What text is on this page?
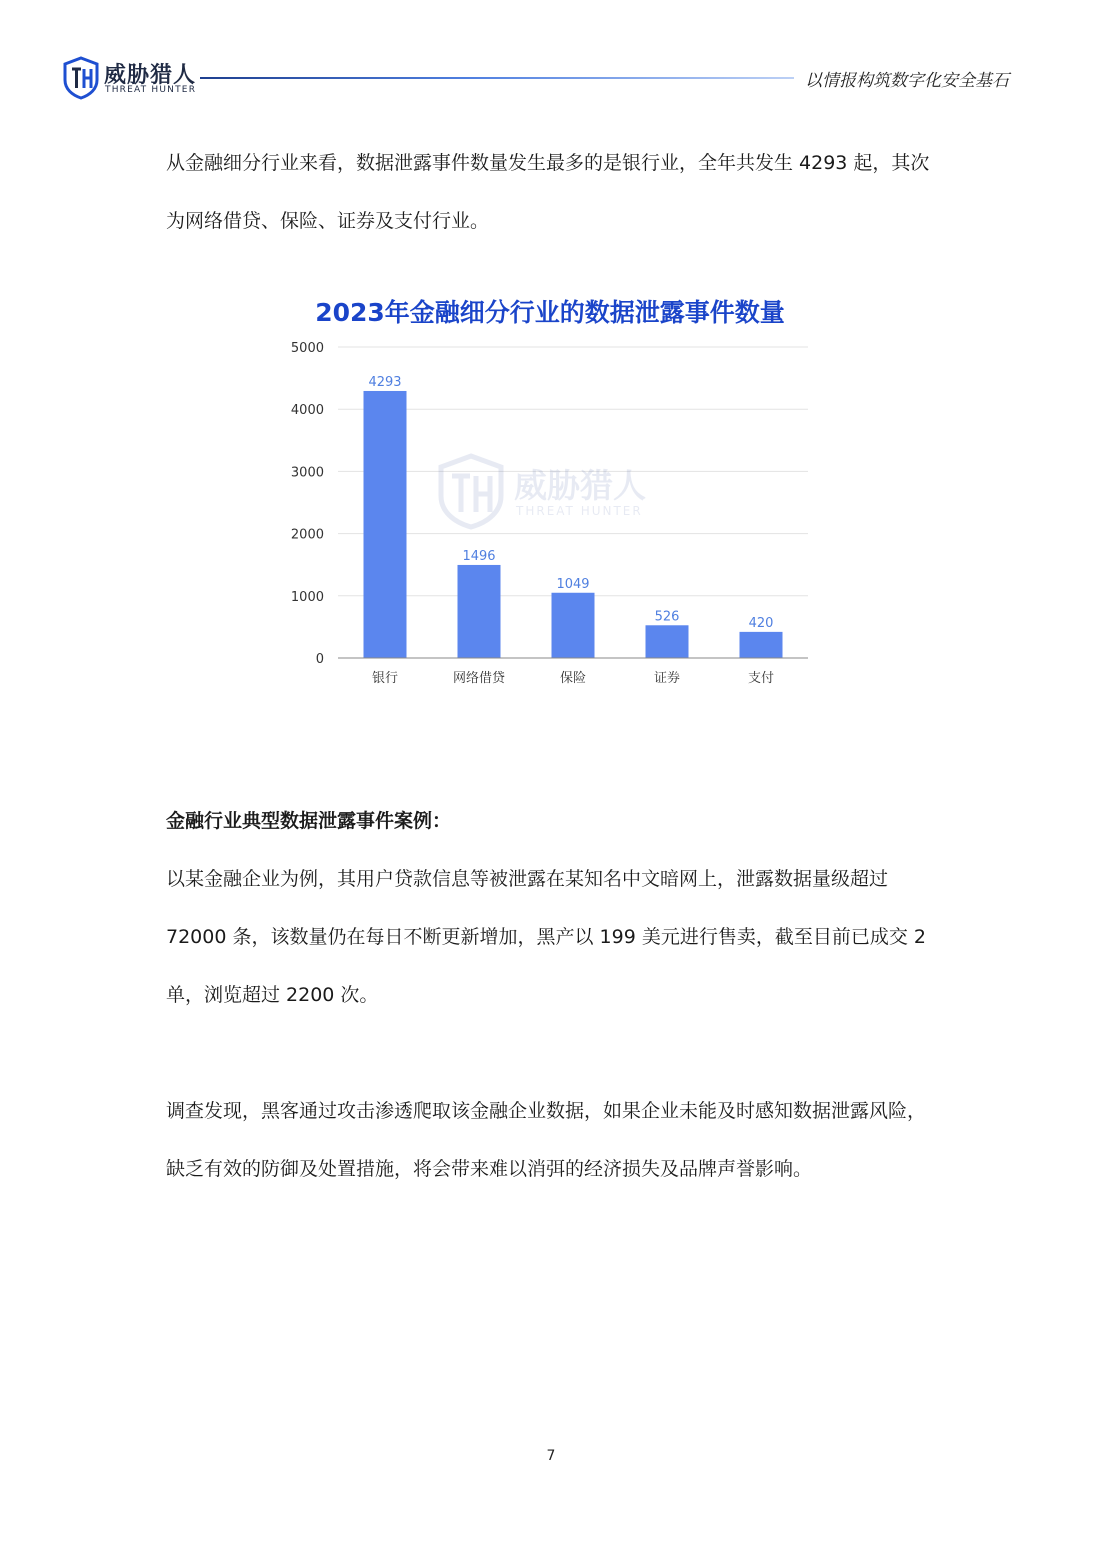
威胁猎人
THREAT HUNTER	以情报构筑数字化安全基石

从金融细分行业来看，数据泄露事件数量发生最多的是银行业，全年共发生 4293 起，其次

为网络借贷、保险、证券及支付行业。

2023年金融细分行业的数据泄露事件数量
0
1000
2000
3000
4000
5000
威胁猎人
THREAT HUNTER
4293
银行
1496
网络借贷
1049
保险
526
证券
420
支付

金融行业典型数据泄露事件案例：

以某金融企业为例，其用户贷款信息等被泄露在某知名中文暗网上，泄露数据量级超过

72000 条，该数量仍在每日不断更新增加，黑产以 199 美元进行售卖，截至目前已成交 2

单，浏览超过 2200 次。

调查发现，黑客通过攻击渗透爬取该金融企业数据，如果企业未能及时感知数据泄露风险，

缺乏有效的防御及处置措施，将会带来难以消弭的经济损失及品牌声誉影响。

7
